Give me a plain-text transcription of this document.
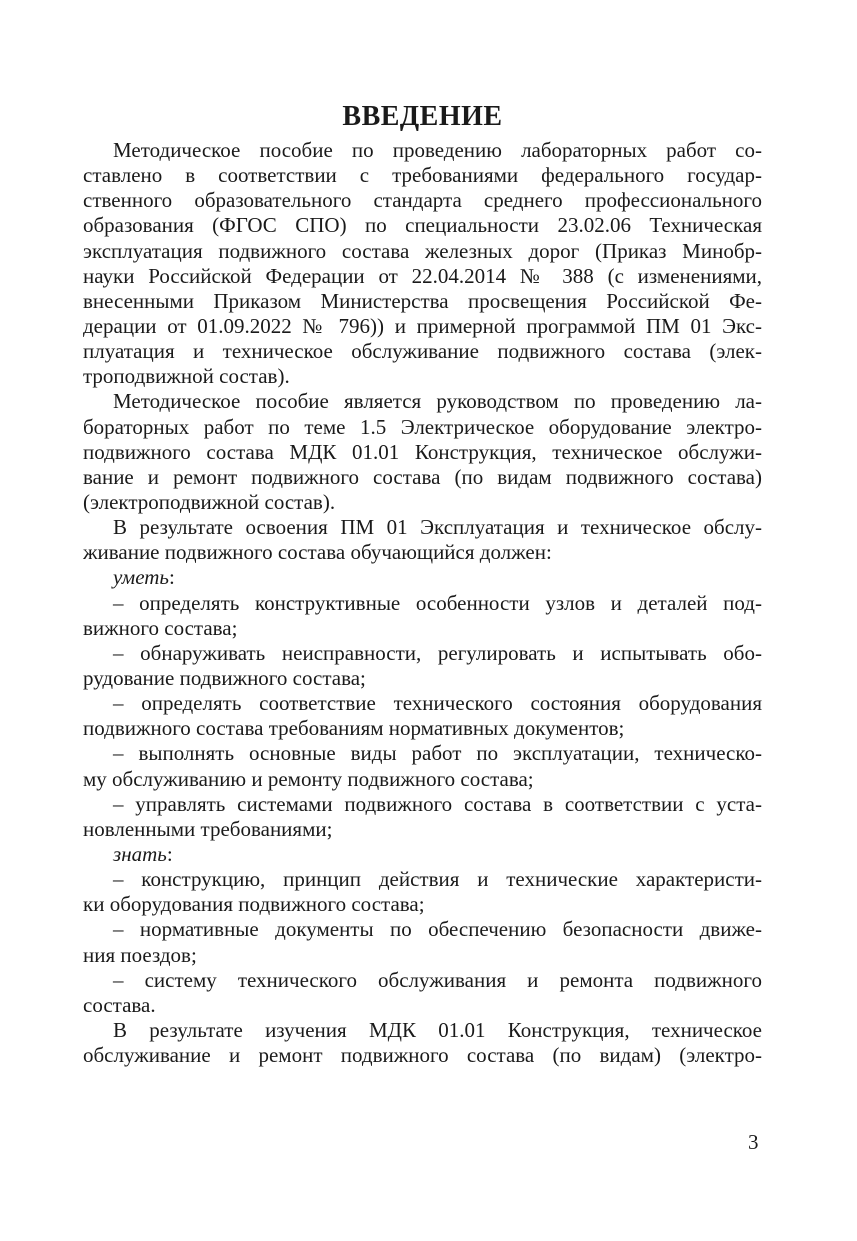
ВВЕДЕНИЕ
Методическое пособие по проведению лабораторных работ со-
ставлено в соответствии с требованиями федерального государ-
ственного образовательного стандарта среднего профессионального
образования (ФГОС СПО) по специальности 23.02.06 Техническая
эксплуатация подвижного состава железных дорог (Приказ Минобр-
науки Российской Федерации от 22.04.2014 № 388 (с изменениями,
внесенными Приказом Министерства просвещения Российской Фе-
дерации от 01.09.2022 № 796)) и примерной программой ПМ 01 Экс-
плуатация и техническое обслуживание подвижного состава (элек-
троподвижной состав).
Методическое пособие является руководством по проведению ла-
бораторных работ по теме 1.5 Электрическое оборудование электро-
подвижного состава МДК 01.01 Конструкция, техническое обслужи-
вание и ремонт подвижного состава (по видам подвижного состава)
(электроподвижной состав).
В результате освоения ПМ 01 Эксплуатация и техническое обслу-
живание подвижного состава обучающийся должен:
уметь:
– определять конструктивные особенности узлов и деталей под-
вижного состава;
– обнаруживать неисправности, регулировать и испытывать обо-
рудование подвижного состава;
– определять соответствие технического состояния оборудования
подвижного состава требованиям нормативных документов;
– выполнять основные виды работ по эксплуатации, техническо-
му обслуживанию и ремонту подвижного состава;
– управлять системами подвижного состава в соответствии с уста-
новленными требованиями;
знать:
– конструкцию, принцип действия и технические характеристи-
ки оборудования подвижного состава;
– нормативные документы по обеспечению безопасности движе-
ния поездов;
– систему технического обслуживания и ремонта подвижного
состава.
В результате изучения МДК 01.01 Конструкция, техническое
обслуживание и ремонт подвижного состава (по видам) (электро-
3
